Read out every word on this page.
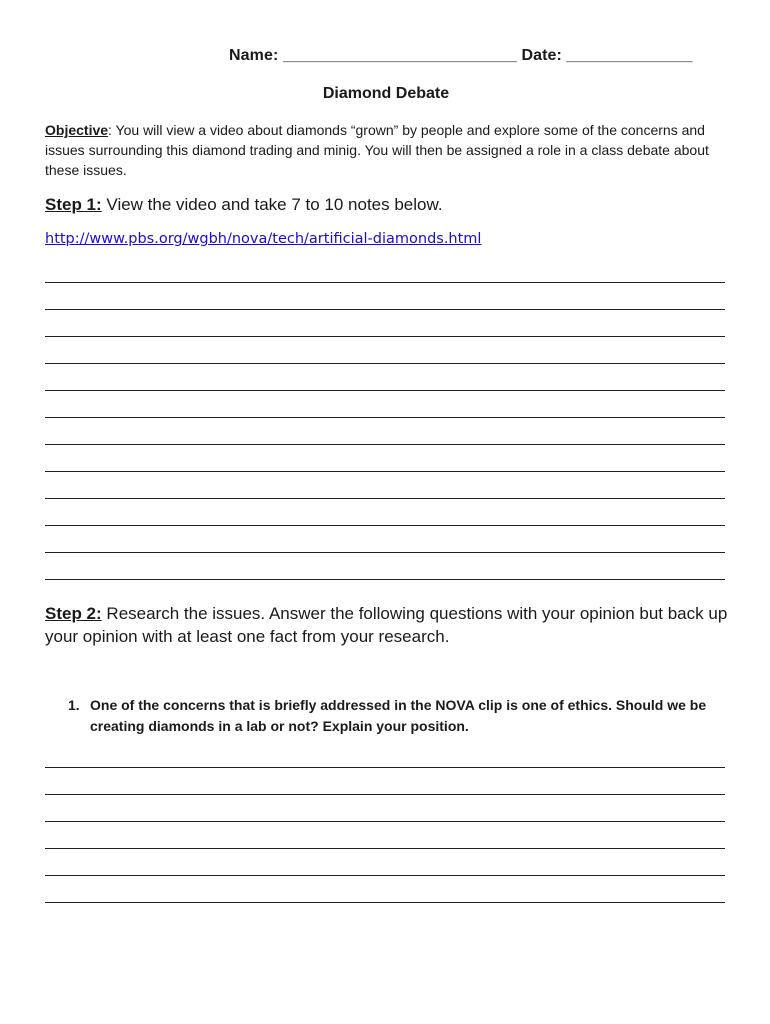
Name: __________________________ Date: ______________
Diamond Debate
Objective: You will view a video about diamonds “grown” by people and explore some of the concerns and issues surrounding this diamond trading and minig. You will then be assigned a role in a class debate about these issues.
Step 1: View the video and take 7 to 10 notes below.
http://www.pbs.org/wgbh/nova/tech/artificial-diamonds.html
Step 2: Research the issues. Answer the following questions with your opinion but back up your opinion with at least one fact from your research.
1. One of the concerns that is briefly addressed in the NOVA clip is one of ethics. Should we be creating diamonds in a lab or not? Explain your position.
